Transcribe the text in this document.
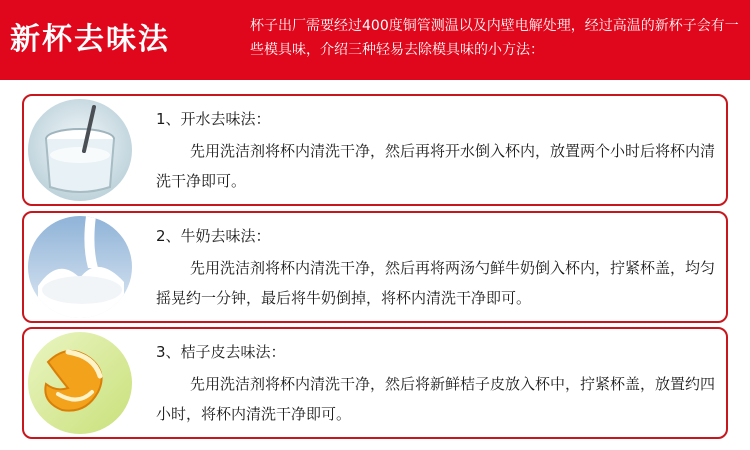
新杯去味法	杯子出厂需要经过400度铜管测温以及内壁电解处理，经过高温的新杯子会有一些模具味，介绍三种轻易去除模具味的小方法：
1、开水去味法：
先用洗洁剂将杯内清洗干净，然后再将开水倒入杯内，放置两个小时后将杯内清洗干净即可。
2、牛奶去味法：
先用洗洁剂将杯内清洗干净，然后再将两汤勺鲜牛奶倒入杯内，拧紧杯盖，均匀摇晃约一分钟，最后将牛奶倒掉，将杯内清洗干净即可。
3、桔子皮去味法：
先用洗洁剂将杯内清洗干净，然后将新鲜桔子皮放入杯中，拧紧杯盖，放置约四小时，将杯内清洗干净即可。
